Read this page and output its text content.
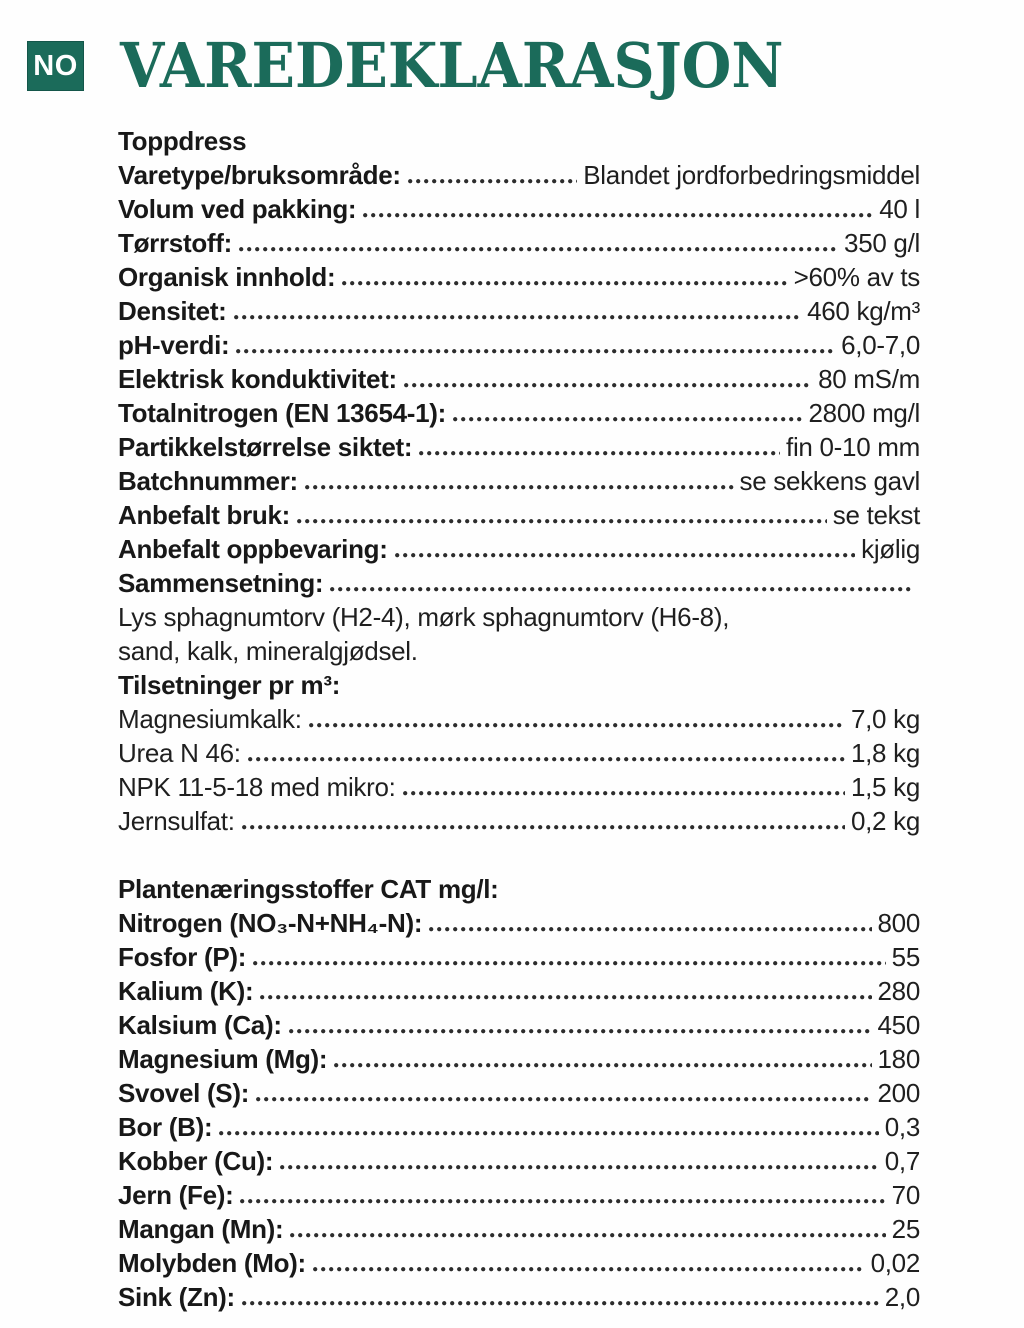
NO VAREDEKLARASJON
Toppdress
Varetype/bruksområde:	Blandet jordforbedringsmiddel
Volum ved pakking:	40 l
Tørrstoff:	350 g/l
Organisk innhold:	>60% av ts
Densitet:	460 kg/m³
pH-verdi:	6,0-7,0
Elektrisk konduktivitet:	80 mS/m
Totalnitrogen (EN 13654-1):	2800 mg/l
Partikkelstørrelse siktet:	fin 0-10 mm
Batchnummer:	se sekkens gavl
Anbefalt bruk:	se tekst
Anbefalt oppbevaring:	kjølig
Sammensetning:
Lys sphagnumtorv (H2-4), mørk sphagnumtorv (H6-8),
sand, kalk, mineralgjødsel.
Tilsetninger pr m³:
Magnesiumkalk:	7,0 kg
Urea N 46:	1,8 kg
NPK 11-5-18 med mikro:	1,5 kg
Jernsulfat:	0,2 kg
Plantenæringsstoffer CAT mg/l:
Nitrogen (NO₃-N+NH₄-N):	800
Fosfor (P):	55
Kalium (K):	280
Kalsium (Ca):	450
Magnesium (Mg):	180
Svovel (S):	200
Bor (B):	0,3
Kobber (Cu):	0,7
Jern (Fe):	70
Mangan (Mn):	25
Molybden (Mo):	0,02
Sink (Zn):	2,0
